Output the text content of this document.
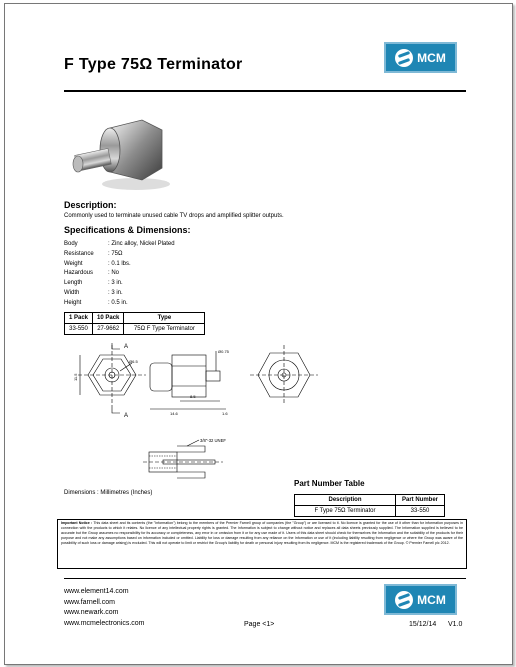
F Type 75Ω Terminator	MCM
Description:
Commonly used to terminate unused cable TV drops and amplified splitter outputs.
Specifications & Dimensions:
Body	: Zinc alloy, Nickel Plated
Resistance	: 75Ω
Weight	: 0.1 lbs.
Hazardous	: No
Length	: 3 in.
Width	: 3 in.
Height	: 0.5 in.
1 Pack	10 Pack	Type
33-550	27-9662	75Ω F Type Terminator
11.5
Ø6.5
A
A
8.5
14.6	1.6
Ø0.75
3/8"-32 UNEF
Dimensions : Millimetres (Inches)
Part Number Table
Description	Part Number
F Type 75Ω Terminator	33-550
Important Notice : This data sheet and its contents (the "Information") belong to the members of the Premier Farnell group of companies (the "Group") or are licensed to it. No licence is granted for the use of it other than for information purposes in connection with the products to which it relates. No licence of any intellectual property rights is granted. The Information is subject to change without notice and replaces all data sheets previously supplied. The Information supplied is believed to be accurate but the Group assumes no responsibility for its accuracy or completeness, any error in or omission from it or for any use made of it. Users of this data sheet should check for themselves the Information and the suitability of the products for their purpose and not make any assumptions based on information included or omitted. Liability for loss or damage resulting from any reliance on the Information or use of it (including liability resulting from negligence or where the Group was aware of the possibility of such loss or damage arising) is excluded. This will not operate to limit or restrict the Group's liability for death or personal injury resulting from its negligence. MCM is the registered trademark of the Group. © Premier Farnell plc 2012.
www.element14.com
www.farnell.com
www.newark.com
www.mcmelectronics.com
MCM
Page <1>	15/12/14 V1.0
